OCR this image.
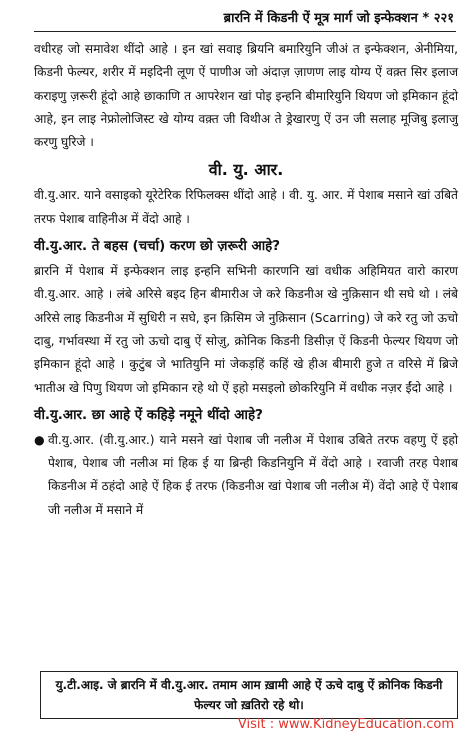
ब्रारनि में किडनी ऐं मूत्र मार्ग जो इन्फेक्शन * २२१

वधीरह जो समावेश थींदो आहे । इन खां सवाइ ब्रियनि बमारियुनि जीअं त इन्फेक्शन, अेनीमिया, किडनी फेल्यर, शरीर में मइदिनी लूण ऐं पाणीअ जो अंदाज़ ज़ाणण लाइ योग्य ऐं वक़्त सिर इलाज कराइणु ज़रूरी हूंदो आहे छाकाणि त आपरेशन खां पोइ इन्हनि बीमारियुनि थियण जो इमिकान हूंदो आहे, इन लाइ नेफ्रोलोजिस्ट खे योग्य वक़्त जी विथीअ ते ड्रेखारणु ऐं उन जी सलाह मूजिबु इलाजु करणु घुरिजे ।

वी. यु. आर.

वी.यु.आर. याने वसाइको यूरेटेरिक रिफिलक्स थींदो आहे । वी. यु. आर. में पेशाब मसाने खां उबिते तरफ पेशाब वाहिनीअ में वेंदो आहे ।

वी.यु.आर. ते बहस (चर्चा) करण छो ज़रूरी आहे?

ब्रारनि में पेशाब में इन्फेक्शन लाइ इन्हनि सभिनी कारणनि खां वधीक अहिमियत वारो कारण वी.यु.आर. आहे । लंबे अरिसे बइद हिन बीमारीअ जे करे किडनीअ खे नुक़िसान थी सघे थो । लंबे अरिसे लाइ किडनीअ में सुधिरी न सघे, इन क़िसिम जे नुक़िसान (Scarring) जे करे रतु जो ऊचो दाबु, गर्भावस्था में रतु जो ऊचो दाबु ऐं सोज़ु, क्रोनिक किडनी डिसीज़ ऐं किडनी फेल्यर थियण जो इमिकान हूंदो आहे । कुटुंब जे भातियुनि मां जेकड़हिं कहिं खे हीअ बीमारी हुजे त वरिसे में ब्रिजे भातीअ खे पिणु थियण जो इमिकान रहे थो ऐं इहो मसइलो छोकरियुनि में वधीक नज़र ईंदो आहे ।

वी.यु.आर. छा आहे ऐं कहिड़े नमूने थींदो आहे?
● वी.यु.आर. (वी.यु.आर.) याने मसने खां पेशाब जी नलीअ में पेशाब उबिते तरफ वहणु ऐं इहो पेशाब, पेशाब जी नलीअ मां हिक ई या ब्रिन्ही किडनियुनि में वेंदो आहे । रवाजी तरह पेशाब किडनीअ में ठहंदो आहे ऐं हिक ई तरफ (किडनीअ खां पेशाब जी नलीअ में) वेंदो आहे ऐं पेशाब जी नलीअ में मसाने में

यु.टी.आइ. जे ब्रारनि में वी.यु.आर. तमाम आम ख़ामी आहे ऐं ऊचे दाबु ऐं क्रोनिक किडनी फेल्यर जो ख़तिरो रहे थो।
Visit : www.KidneyEducation.com
